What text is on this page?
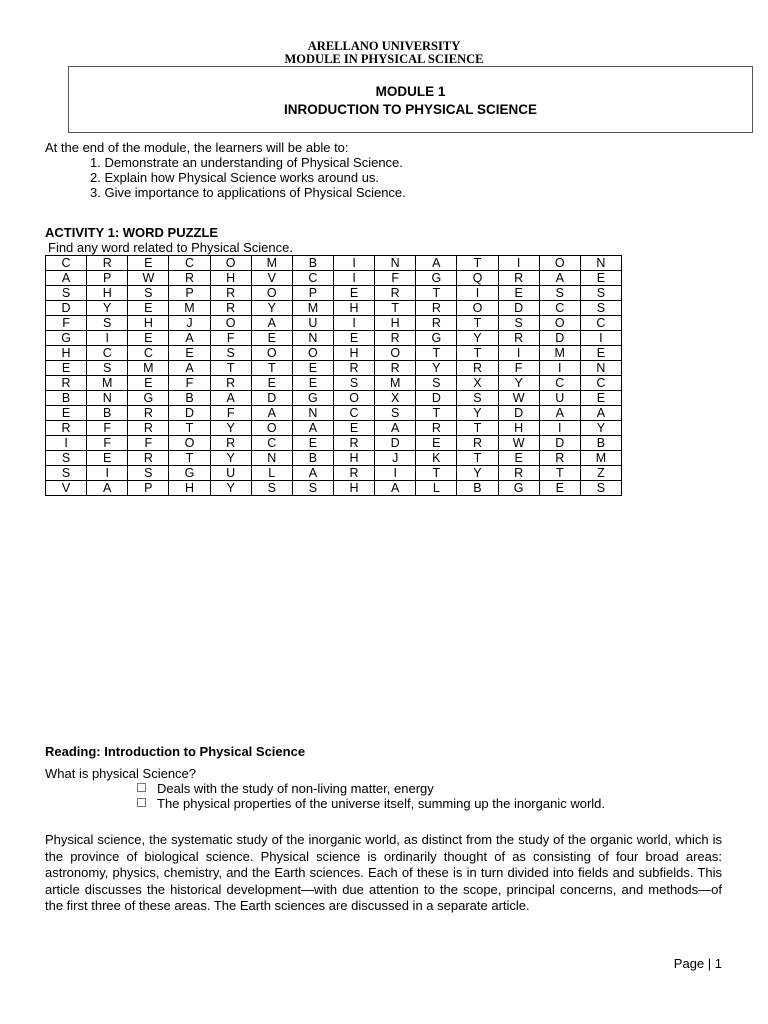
ARELLANO UNIVERSITY
MODULE IN PHYSICAL SCIENCE
MODULE 1
INRODUCTION TO PHYSICAL SCIENCE
At the end of the module, the learners will be able to:
1. Demonstrate an understanding of Physical Science.
2. Explain how Physical Science works around us.
3. Give importance to applications of Physical Science.
ACTIVITY 1: WORD PUZZLE
Find any word related to Physical Science.
C	R	E	C	O	M	B	I	N	A	T	I	O	N
A	P	W	R	H	V	C	I	F	G	Q	R	A	E
S	H	S	P	R	O	P	E	R	T	I	E	S	S
D	Y	E	M	R	Y	M	H	T	R	O	D	C	S
F	S	H	J	O	A	U	I	H	R	T	S	O	C
G	I	E	A	F	E	N	E	R	G	Y	R	D	I
H	C	C	E	S	O	O	H	O	T	T	I	M	E
E	S	M	A	T	T	E	R	R	Y	R	F	I	N
R	M	E	F	R	E	E	S	M	S	X	Y	C	C
B	N	G	B	A	D	G	O	X	D	S	W	U	E
E	B	R	D	F	A	N	C	S	T	Y	D	A	A
R	F	R	T	Y	O	A	E	A	R	T	H	I	Y
I	F	F	O	R	C	E	R	D	E	R	W	D	B
S	E	R	T	Y	N	B	H	J	K	T	E	R	M
S	I	S	G	U	L	A	R	I	T	Y	R	T	Z
V	A	P	H	Y	S	S	H	A	L	B	G	E	S
Reading: Introduction to Physical Science
What is physical Science?
Deals with the study of non-living matter, energy
The physical properties of the universe itself, summing up the inorganic world.
Physical science, the systematic study of the inorganic world, as distinct from the study of the organic world, which is the province of biological science. Physical science is ordinarily thought of as consisting of four broad areas: astronomy, physics, chemistry, and the Earth sciences. Each of these is in turn divided into fields and subfields. This article discusses the historical development—with due attention to the scope, principal concerns, and methods—of the first three of these areas. The Earth sciences are discussed in a separate article.
Page | 1
